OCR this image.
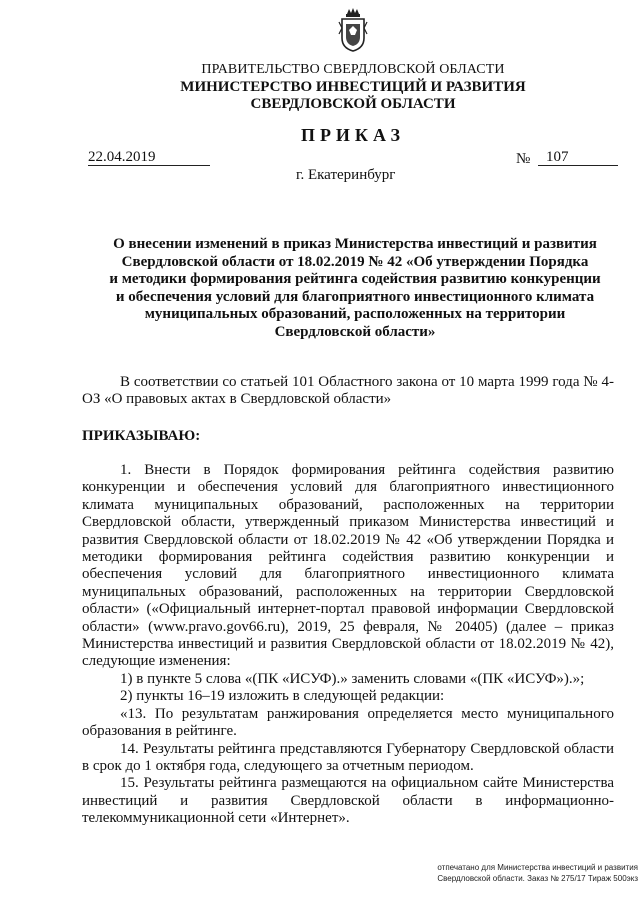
ПРАВИТЕЛЬСТВО СВЕРДЛОВСКОЙ ОБЛАСТИ
МИНИСТЕРСТВО ИНВЕСТИЦИЙ И РАЗВИТИЯ
СВЕРДЛОВСКОЙ ОБЛАСТИ
ПРИКАЗ
22.04.2019	№	107
г. Екатеринбург
О внесении изменений в приказ Министерства инвестиций и развития
Свердловской области от 18.02.2019 № 42 «Об утверждении Порядка
и методики формирования рейтинга содействия развитию конкуренции
и обеспечения условий для благоприятного инвестиционного климата
муниципальных образований, расположенных на территории
Свердловской области»
В соответствии со статьей 101 Областного закона от 10 марта 1999 года № 4-ОЗ «О правовых актах в Свердловской области»
ПРИКАЗЫВАЮ:

1. Внести в Порядок формирования рейтинга содействия развитию конкуренции и обеспечения условий для благоприятного инвестиционного климата муниципальных образований, расположенных на территории Свердловской области, утвержденный приказом Министерства инвестиций и развития Свердловской области от 18.02.2019 № 42 «Об утверждении Порядка и методики формирования рейтинга содействия развитию конкуренции и обеспечения условий для благоприятного инвестиционного климата муниципальных образований, расположенных на территории Свердловской области» («Официальный интернет-портал правовой информации Свердловской области» (www.pravo.gov66.ru), 2019, 25 февраля, № 20405) (далее – приказ Министерства инвестиций и развития Свердловской области от 18.02.2019 № 42), следующие изменения:

1) в пункте 5 слова «(ПК «ИСУФ).» заменить словами «(ПК «ИСУФ»).»;

2) пункты 16–19 изложить в следующей редакции:

«13. По результатам ранжирования определяется место муниципального образования в рейтинге.

14. Результаты рейтинга представляются Губернатору Свердловской области в срок до 1 октября года, следующего за отчетным периодом.

15. Результаты рейтинга размещаются на официальном сайте Министерства инвестиций и развития Свердловской области в информационно-телекоммуникационной сети «Интернет».

отпечатано для Министерства инвестиций и развития
Свердловской области. Заказ № 275/17 Тираж 500экз
